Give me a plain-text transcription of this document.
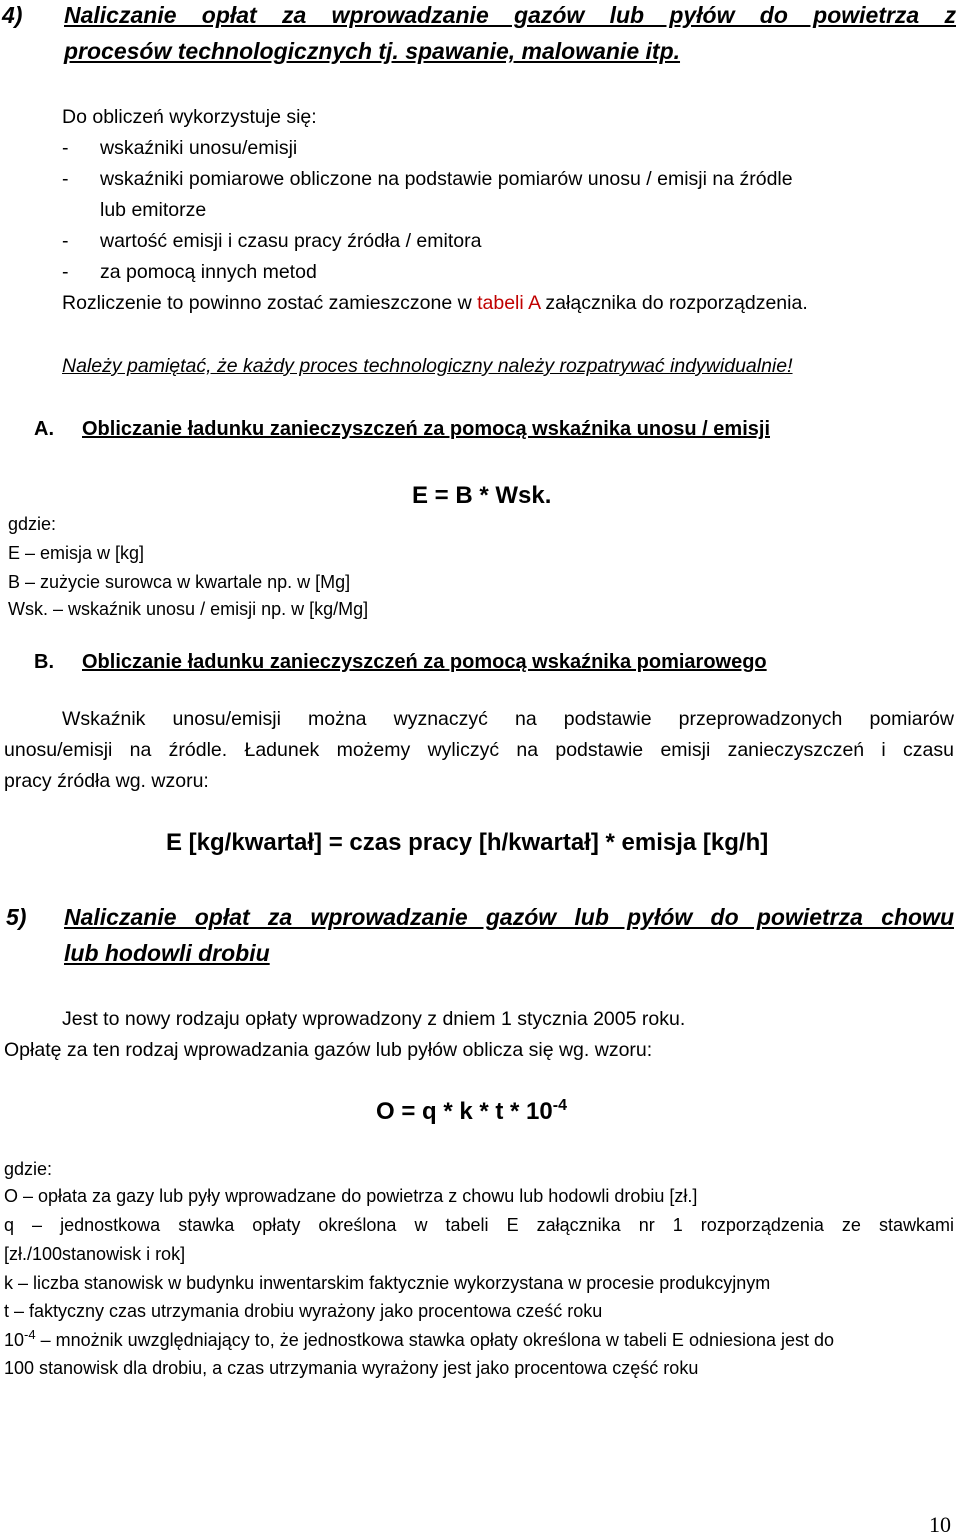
4) Naliczanie opłat za wprowadzanie gazów lub pyłów do powietrza z
procesów technologicznych tj. spawanie, malowanie itp.
Do obliczeń wykorzystuje się:
- wskaźniki unosu/emisji
- wskaźniki pomiarowe obliczone na podstawie pomiarów unosu / emisji na źródle
lub emitorze
- wartość emisji i czasu pracy źródła / emitora
- za pomocą innych metod
Rozliczenie to powinno zostać zamieszczone w tabeli A załącznika do rozporządzenia.
Należy pamiętać, że każdy proces technologiczny należy rozpatrywać indywidualnie!
A. Obliczanie ładunku zanieczyszczeń za pomocą wskaźnika unosu / emisji
E = B * Wsk.
gdzie:
E – emisja w [kg]
B – zużycie surowca w kwartale np. w [Mg]
Wsk. – wskaźnik unosu / emisji np. w [kg/Mg]
B. Obliczanie ładunku zanieczyszczeń za pomocą wskaźnika pomiarowego
Wskaźnik unosu/emisji można wyznaczyć na podstawie przeprowadzonych pomiarów
unosu/emisji na źródle. Ładunek możemy wyliczyć na podstawie emisji zanieczyszczeń i czasu
pracy źródła wg. wzoru:
E [kg/kwartał] = czas pracy [h/kwartał] * emisja [kg/h]
5) Naliczanie opłat za wprowadzanie gazów lub pyłów do powietrza chowu
lub hodowli drobiu
Jest to nowy rodzaju opłaty wprowadzony z dniem 1 stycznia 2005 roku.
Opłatę za ten rodzaj wprowadzania gazów lub pyłów oblicza się wg. wzoru:
$O = q * k * t * 10^{-4}$
gdzie:
O – opłata za gazy lub pyły wprowadzane do powietrza z chowu lub hodowli drobiu [zł.]
q – jednostkowa stawka opłaty określona w tabeli E załącznika nr 1 rozporządzenia ze stawkami
[zł./100stanowisk i rok]
k – liczba stanowisk w budynku inwentarskim faktycznie wykorzystana w procesie produkcyjnym
t – faktyczny czas utrzymania drobiu wyrażony jako procentowa cześć roku
$10^{-4}$ – mnożnik uwzględniający to, że jednostkowa stawka opłaty określona w tabeli E odniesiona jest do
100 stanowisk dla drobiu, a czas utrzymania wyrażony jest jako procentowa część roku
10
